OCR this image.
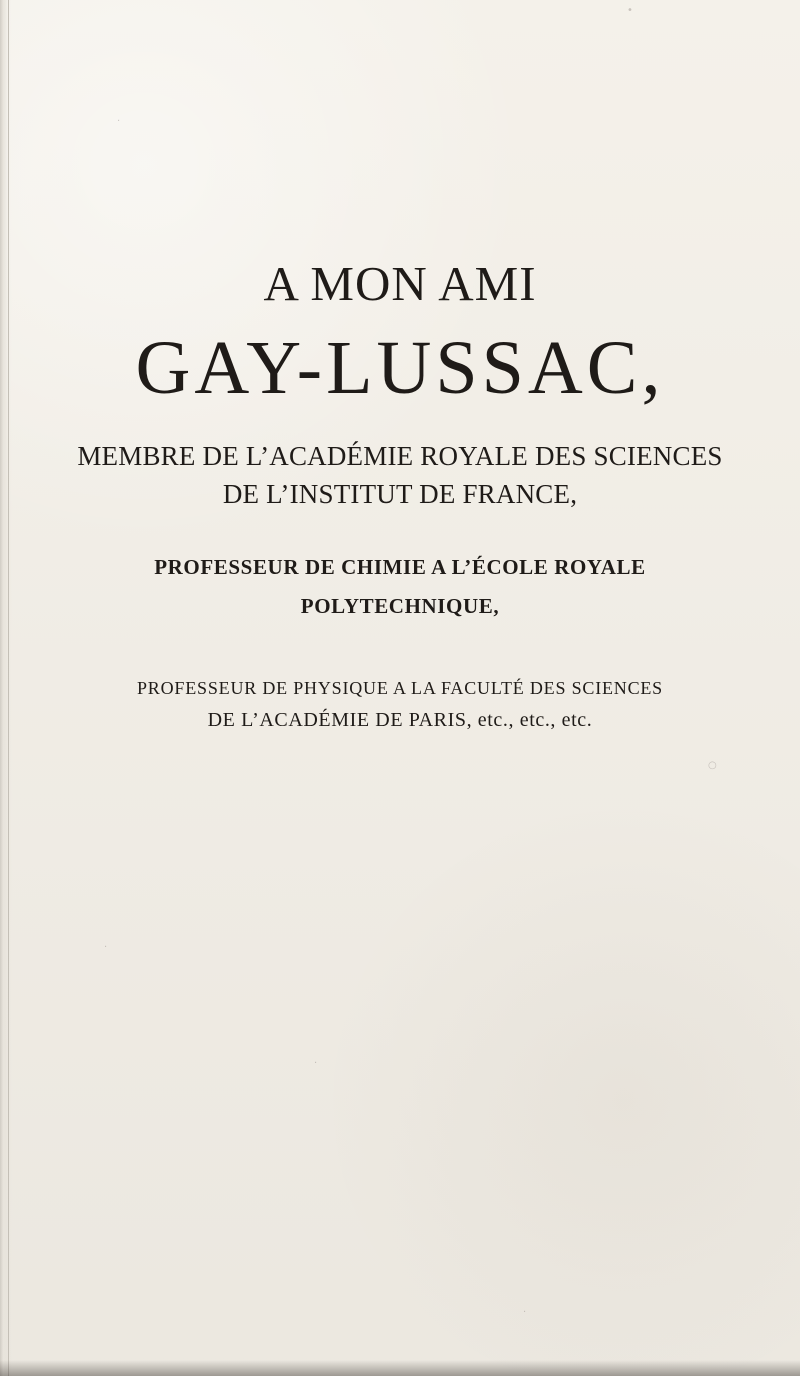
A MON AMI
GAY-LUSSAC,
MEMBRE DE L’ACADÉMIE ROYALE DES SCIENCES
DE L’INSTITUT DE FRANCE,
PROFESSEUR DE CHIMIE A L’ÉCOLE ROYALE
POLYTECHNIQUE,
PROFESSEUR DE PHYSIQUE A LA FACULTÉ DES SCIENCES
DE L’ACADÉMIE DE PARIS, etc., etc., etc.
•
·
·
·
·
○
